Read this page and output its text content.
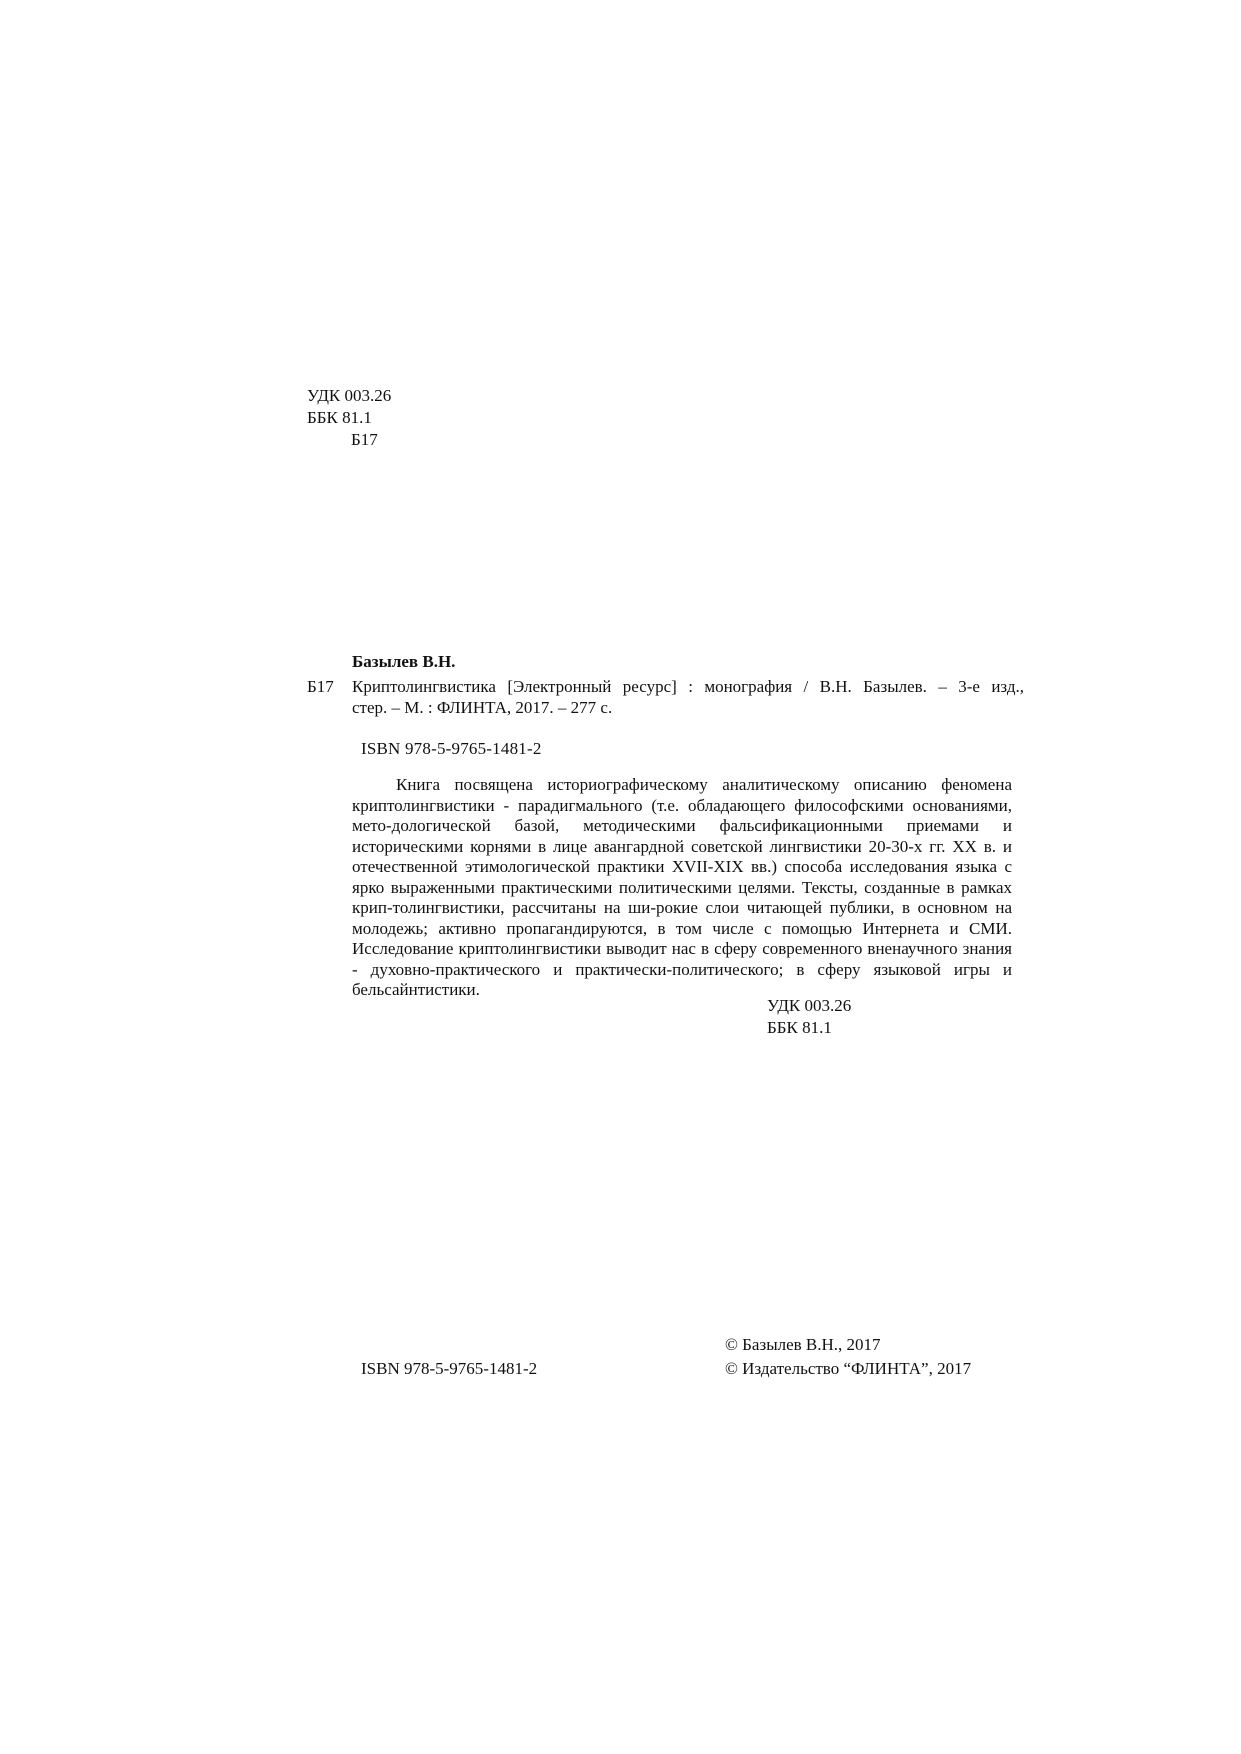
УДК 003.26
ББК 81.1
Б17
Базылев В.Н.
Б17 Криптолингвистика [Электронный ресурс] : монография / В.Н. Базылев. – 3-е изд.,
стер. – М. : ФЛИНТА, 2017. – 277 с.
ISBN 978-5-9765-1481-2
Книга посвящена историографическому аналитическому описанию феномена криптолингвистики - парадигмального (т.е. обладающего философскими основаниями, мето-дологической базой, методическими фальсификационными приемами и историческими корнями в лице авангардной советской лингвистики 20-30-х гг. XX в. и отечественной этимологической практики XVII-XIX вв.) способа исследования языка с ярко выраженными практическими политическими целями. Тексты, созданные в рамках крип-толингвистики, рассчитаны на ши-рокие слои читающей публики, в основном на молодежь; активно пропагандируются, в том числе с помощью Интернета и СМИ. Исследование криптолингвистики выводит нас в сферу современного вненаучного знания - духовно-практического и практически-политического; в сферу языковой игры и бельсайнтистики.
УДК 003.26
ББК 81.1
© Базылев В.Н., 2017
© Издательство “ФЛИНТА”, 2017
ISBN 978-5-9765-1481-2
